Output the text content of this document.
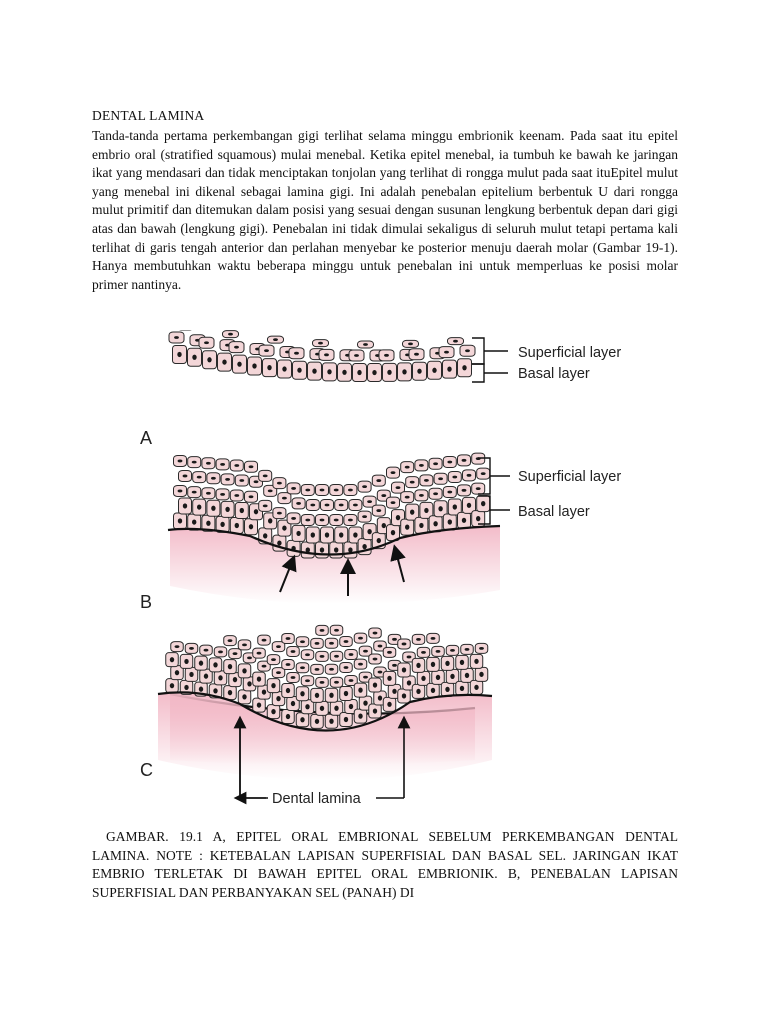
DENTAL LAMINA

Tanda-tanda pertama perkembangan gigi terlihat selama minggu embrionik keenam. Pada saat itu epitel embrio oral (stratified squamous) mulai menebal. Ketika epitel menebal, ia tumbuh ke bawah ke jaringan ikat yang mendasari dan tidak menciptakan tonjolan yang terlihat di rongga mulut pada saat ituEpitel mulut yang menebal ini dikenal sebagai lamina gigi. Ini adalah penebalan epitelium berbentuk U dari rongga mulut primitif dan ditemukan dalam posisi yang sesuai dengan susunan lengkung berbentuk depan dari gigi atas dan bawah (lengkung gigi). Penebalan ini tidak dimulai sekaligus di seluruh mulut tetapi pertama kali terlihat di garis tengah anterior dan perlahan menyebar ke posterior menuju daerah molar (Gambar 19-1). Hanya membutuhkan waktu beberapa minggu untuk penebalan ini untuk memperluas ke posisi molar primer nantinya.

Superficial layer
Basal layer
A
Superficial layer
Basal layer
B
C
Dental lamina

GAMBAR. 19.1 A, EPITEL ORAL EMBRIONAL SEBELUM PERKEMBANGAN DENTAL LAMINA. NOTE : KETEBALAN LAPISAN SUPERFISIAL DAN BASAL SEL. JARINGAN IKAT EMBRIO TERLETAK DI BAWAH EPITEL ORAL EMBRIONIK. B, PENEBALAN LAPISAN SUPERFISIAL DAN PERBANYAKAN SEL (PANAH) DI
